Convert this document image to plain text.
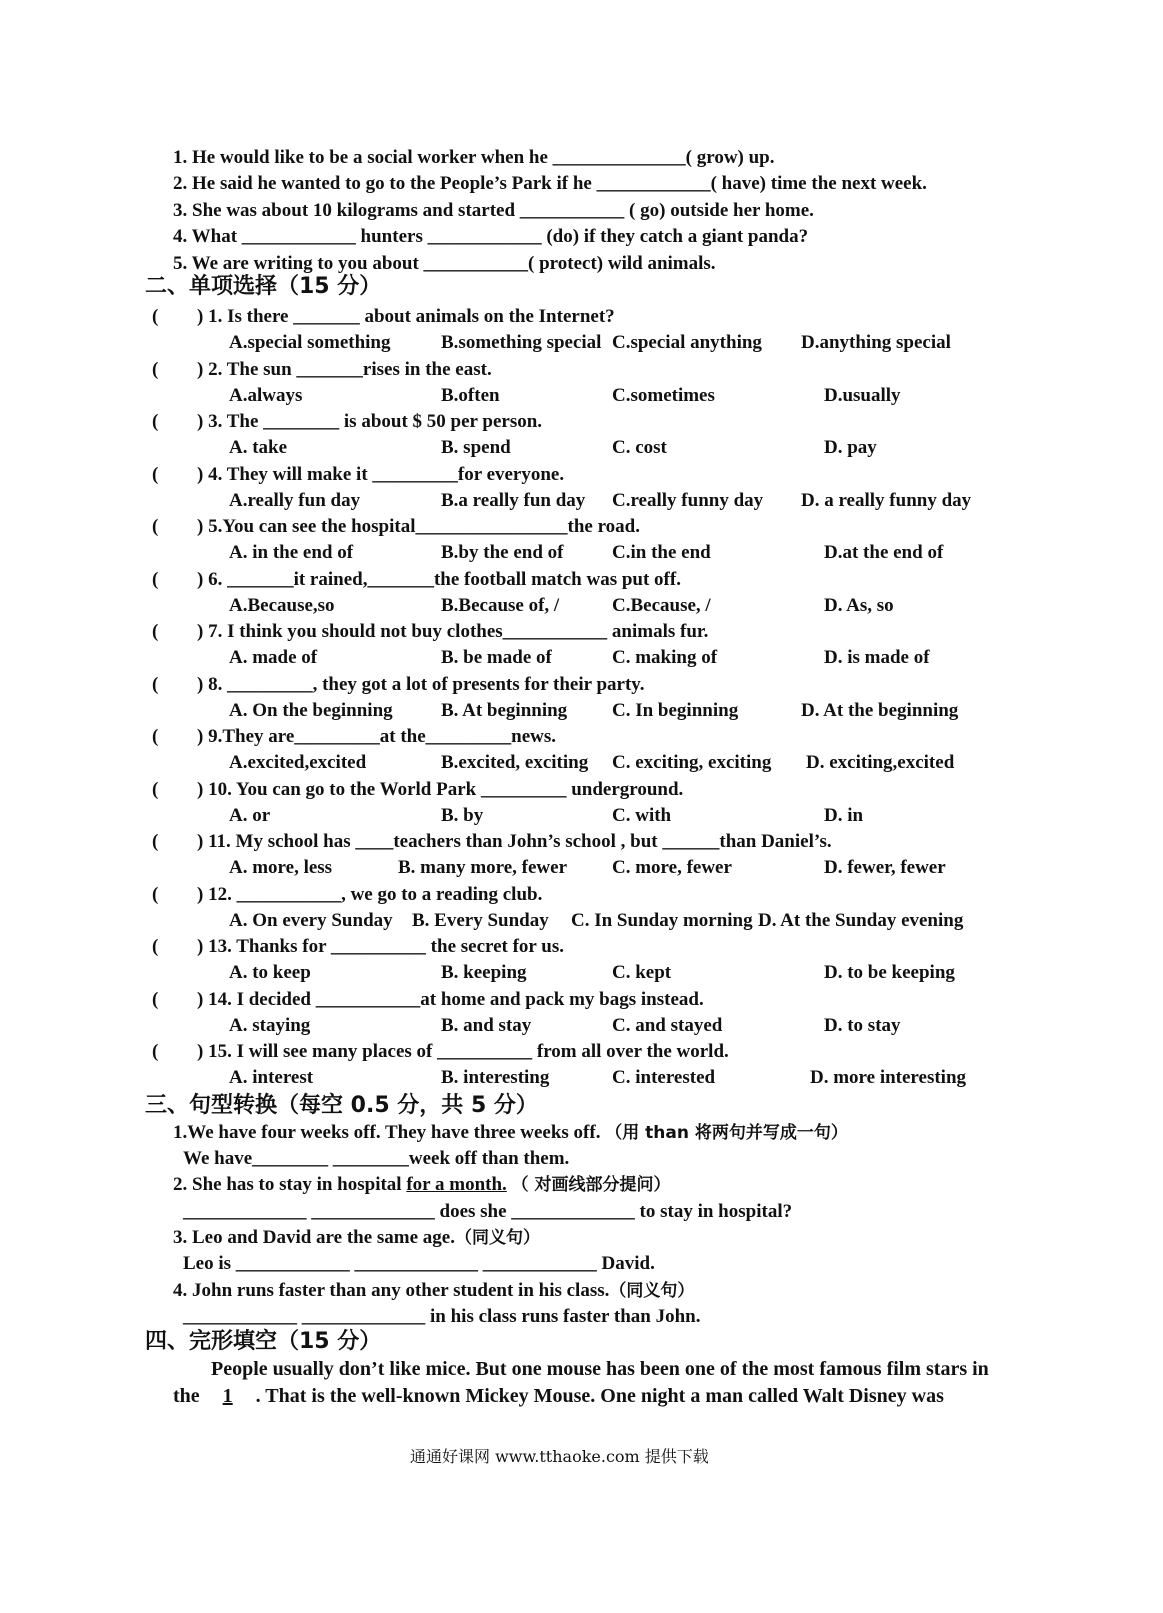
1. He would like to be a social worker when he ______________( grow) up.
2. He said he wanted to go to the People’s Park if he ____________( have) time the next week.
3. She was about 10 kilograms and started ___________ ( go) outside her home.
4. What ____________ hunters ____________ (do) if they catch a giant panda?
5. We are writing to you about ___________( protect) wild animals.
二、单项选择（15 分）
( ) 1. Is there _______ about animals on the Internet?
A.special something	B.something special C.special anything D.anything special
( ) 2. The sun _______rises in the east.
A.always	B.often	C.sometimes	D.usually
( ) 3. The ________ is about $ 50 per person.
A. take	B. spend	C. cost	D. pay
( ) 4. They will make it _________for everyone.
A.really fun day	B.a really fun day C.really funny day D. a really funny day
( ) 5.You can see the hospital________________the road.
A. in the end of	B.by the end of	C.in the end	D.at the end of
( ) 6. _______it rained,_______the football match was put off.
A.Because,so	B.Because of, /	C.Because, /	D. As, so
( ) 7. I think you should not buy clothes___________ animals fur.
A. made of	B. be made of	C. making of	D. is made of
( ) 8. _________, they got a lot of presents for their party.
A. On the beginning	B. At beginning C. In beginning	D. At the beginning
( ) 9.They are_________at the_________news.
A.excited,excited	B.excited, exciting C. exciting, exciting D. exciting,excited
( ) 10. You can go to the World Park _________ underground.
A. or	B. by	C. with	D. in
( ) 11. My school has ____teachers than John’s school , but ______than Daniel’s.
A. more, less	B. many more, fewer C. more, fewer	D. fewer, fewer
( ) 12. ___________, we go to a reading club.
A. On every Sunday B. Every Sunday C. In Sunday morning D. At the Sunday evening
( ) 13. Thanks for __________ the secret for us.
A. to keep	B. keeping	C. kept	D. to be keeping
( ) 14. I decided ___________at home and pack my bags instead.
A. staying	B. and stay	C. and stayed	D. to stay
( ) 15. I will see many places of __________ from all over the world.
A. interest	B. interesting	C. interested	D. more interesting
三、句型转换（每空 0.5 分，共 5 分）
1.We have four weeks off. They have three weeks off. （用 than 将两句并写成一句）
We have________ ________week off than them.
2. She has to stay in hospital for a month. （ 对画线部分提问）
_____________ _____________ does she _____________ to stay in hospital?
3. Leo and David are the same age.（同义句）
Leo is ____________ _____________ ____________ David.
4. John runs faster than any other student in his class.（同义句）
____________ _____________ in his class runs faster than John.
四、完形填空（15 分）
People usually don’t like mice. But one mouse has been one of the most famous film stars in
the 1 . That is the well-known Mickey Mouse. One night a man called Walt Disney was
通通好课网 www.tthaoke.com 提供下载
